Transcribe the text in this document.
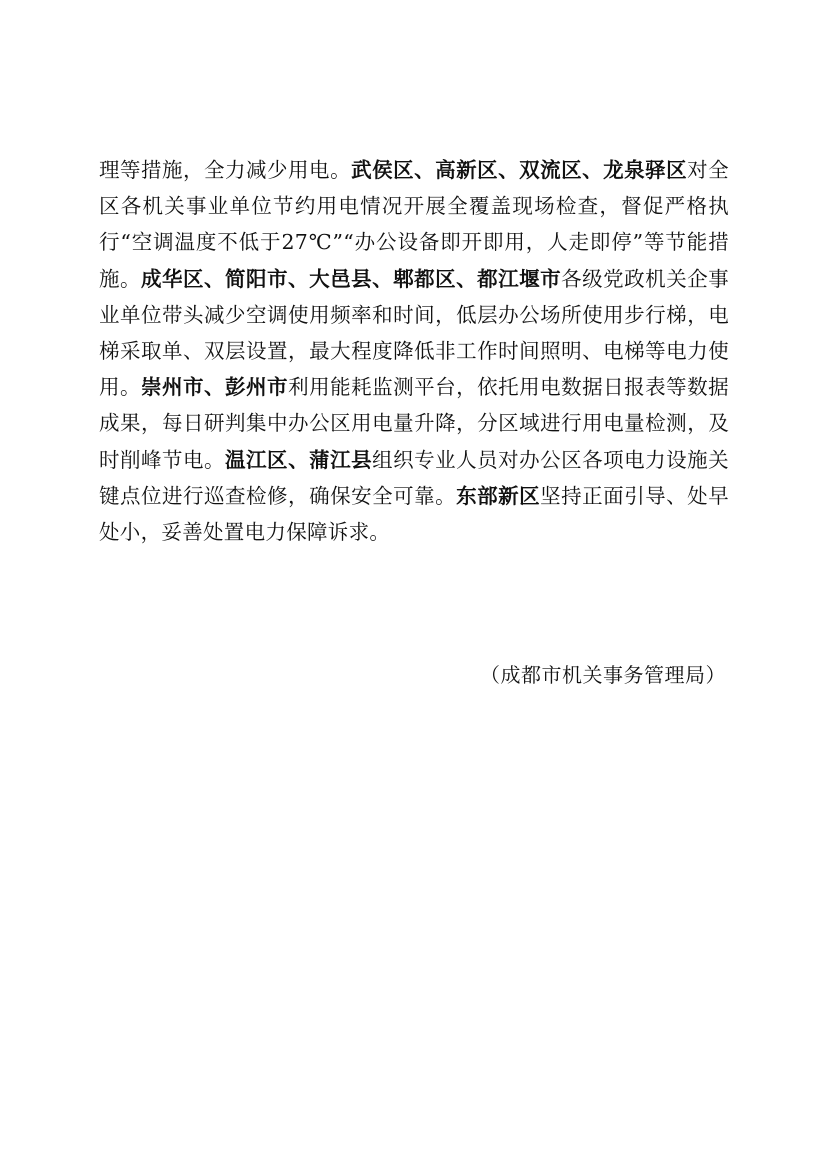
理等措施，全力减少用电。武侯区、高新区、双流区、龙泉驿区对全区各机关事业单位节约用电情况开展全覆盖现场检查，督促严格执行“空调温度不低于27℃”“办公设备即开即用，人走即停”等节能措施。成华区、简阳市、大邑县、郫都区、都江堰市各级党政机关企事业单位带头减少空调使用频率和时间，低层办公场所使用步行梯，电梯采取单、双层设置，最大程度降低非工作时间照明、电梯等电力使用。崇州市、彭州市利用能耗监测平台，依托用电数据日报表等数据成果，每日研判集中办公区用电量升降，分区域进行用电量检测，及时削峰节电。温江区、蒲江县组织专业人员对办公区各项电力设施关键点位进行巡查检修，确保安全可靠。东部新区坚持正面引导、处早处小，妥善处置电力保障诉求。

（成都市机关事务管理局）
